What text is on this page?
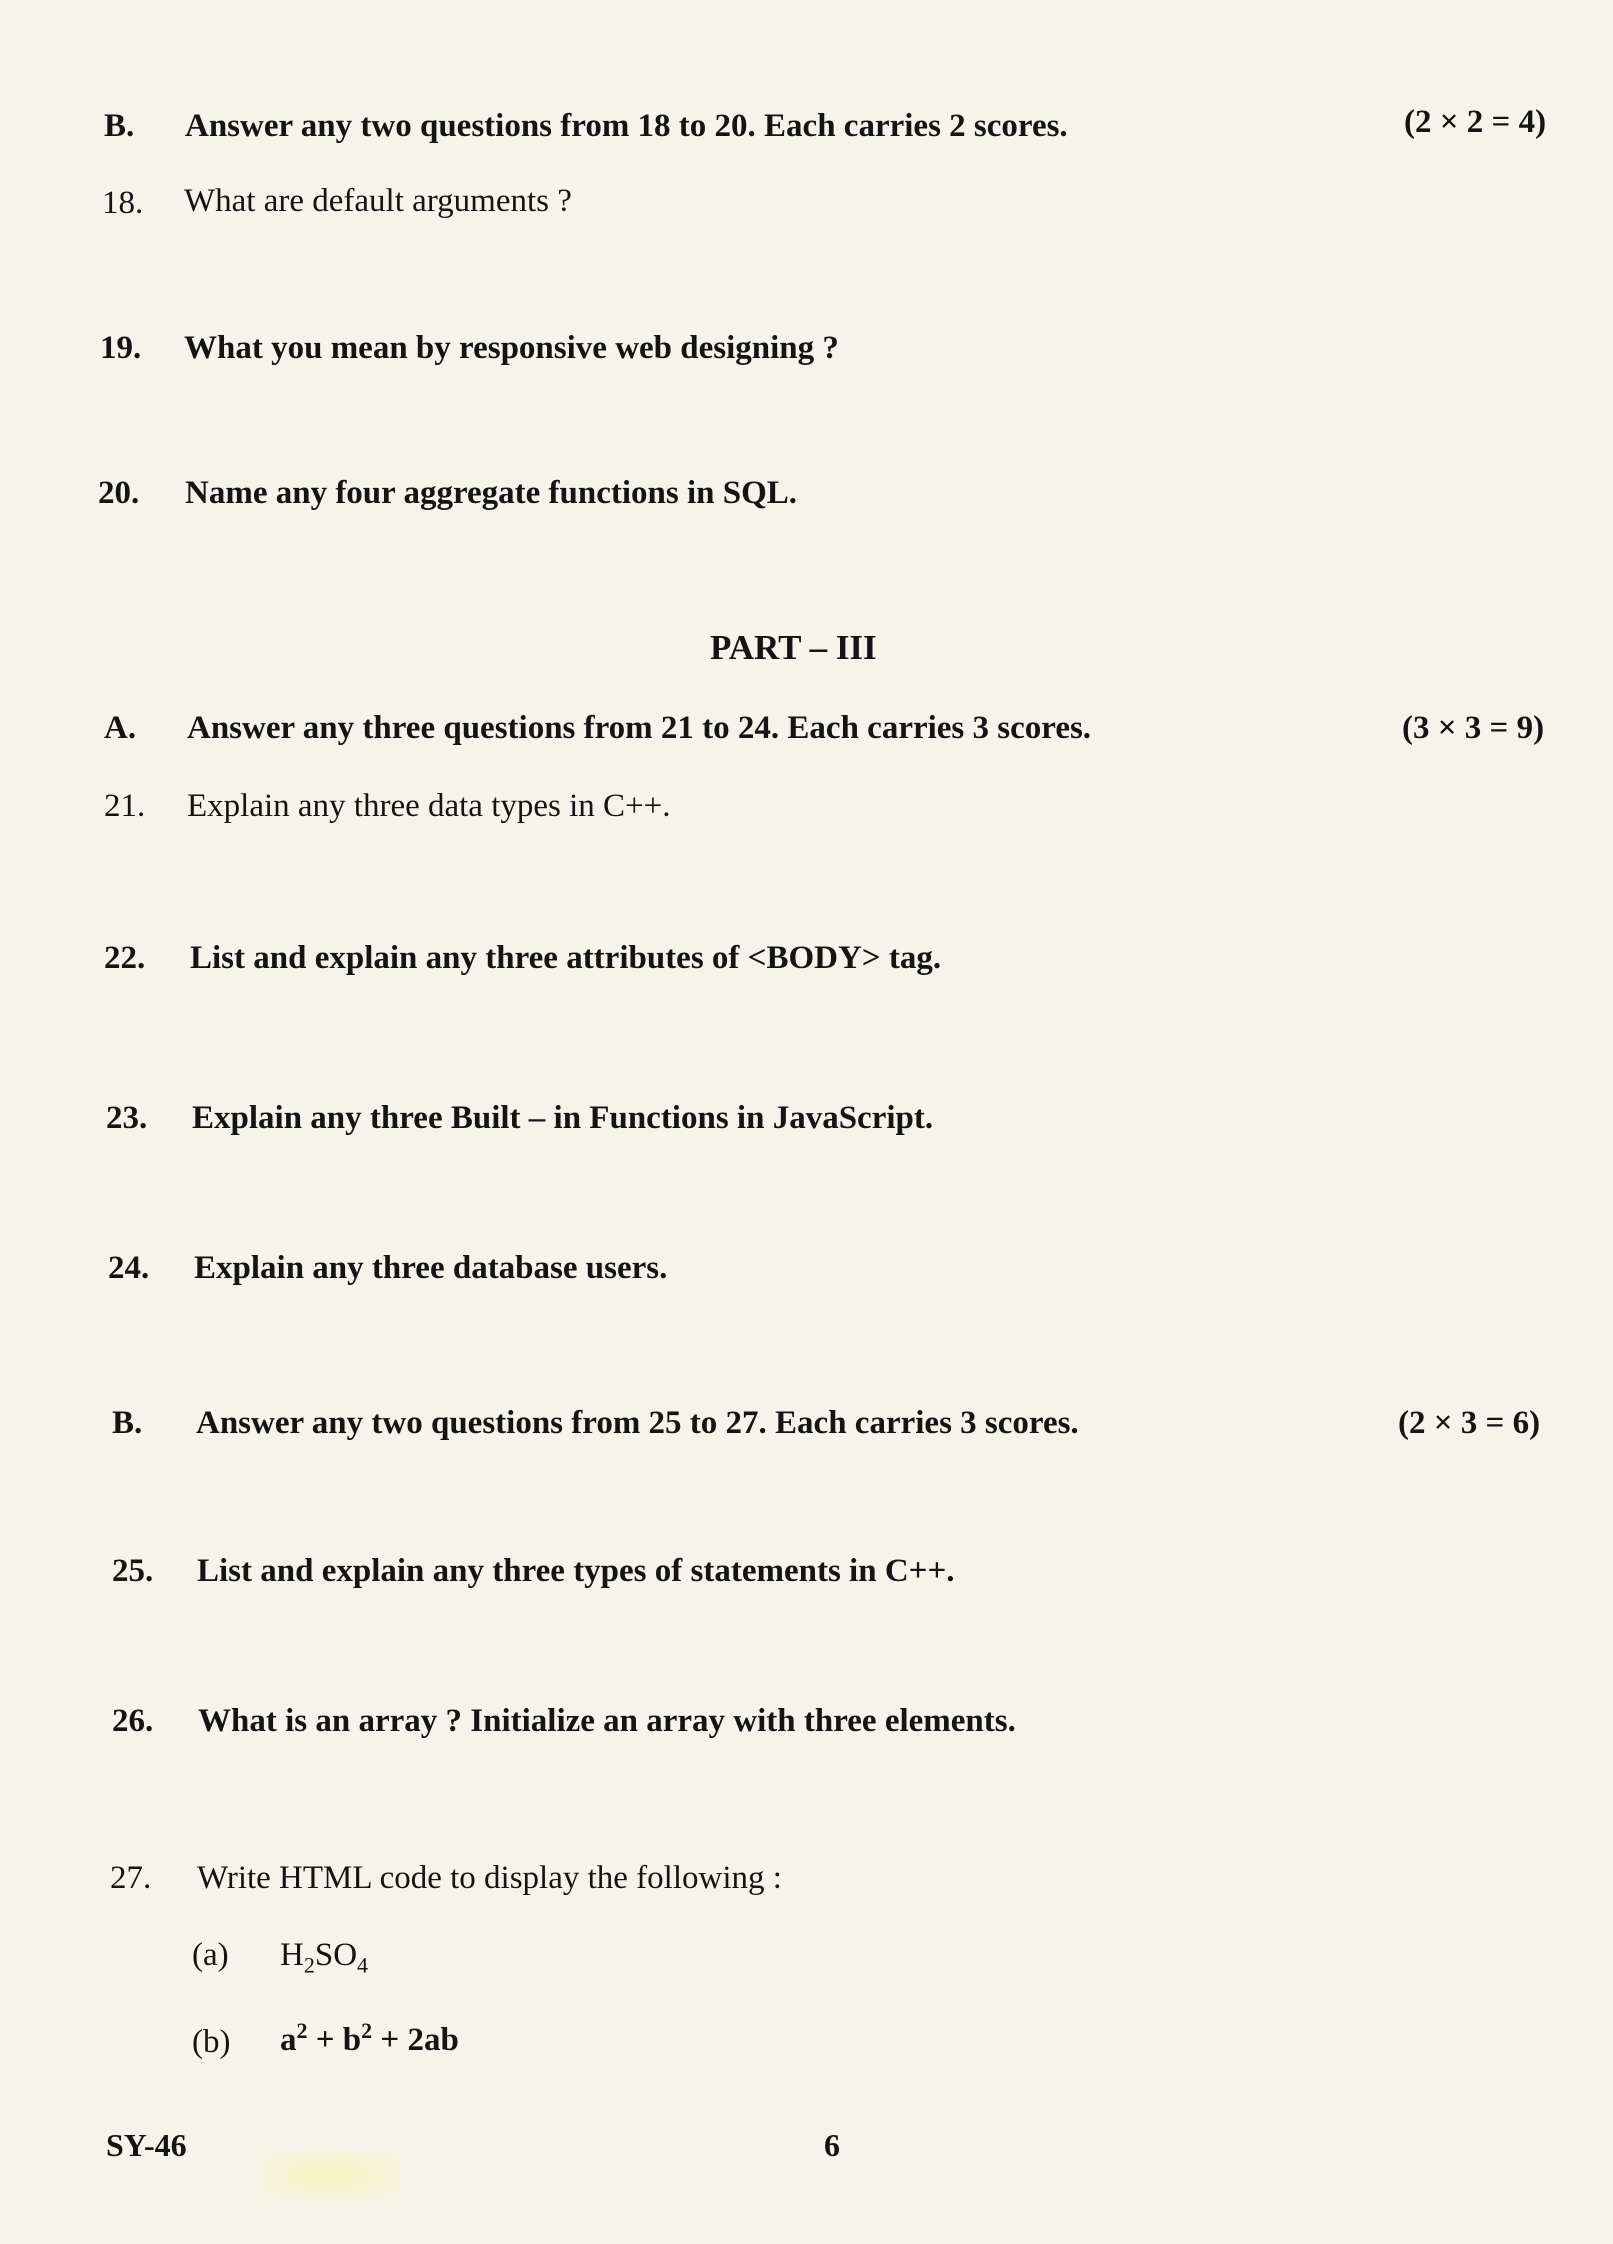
B. Answer any two questions from 18 to 20. Each carries 2 scores.	(2 × 2 = 4)
18. What are default arguments ?
19. What you mean by responsive web designing ?
20. Name any four aggregate functions in SQL.
PART – III
A. Answer any three questions from 21 to 24. Each carries 3 scores.	(3 × 3 = 9)
21. Explain any three data types in C++.
22. List and explain any three attributes of <BODY> tag.
23. Explain any three Built – in Functions in JavaScript.
24. Explain any three database users.
B. Answer any two questions from 25 to 27. Each carries 3 scores.	(2 × 3 = 6)
25. List and explain any three types of statements in C++.
26. What is an array ? Initialize an array with three elements.
27. Write HTML code to display the following :
(a) $H_2SO_4$
(b) $a^2 + b^2 + 2ab$
SY-46	6
